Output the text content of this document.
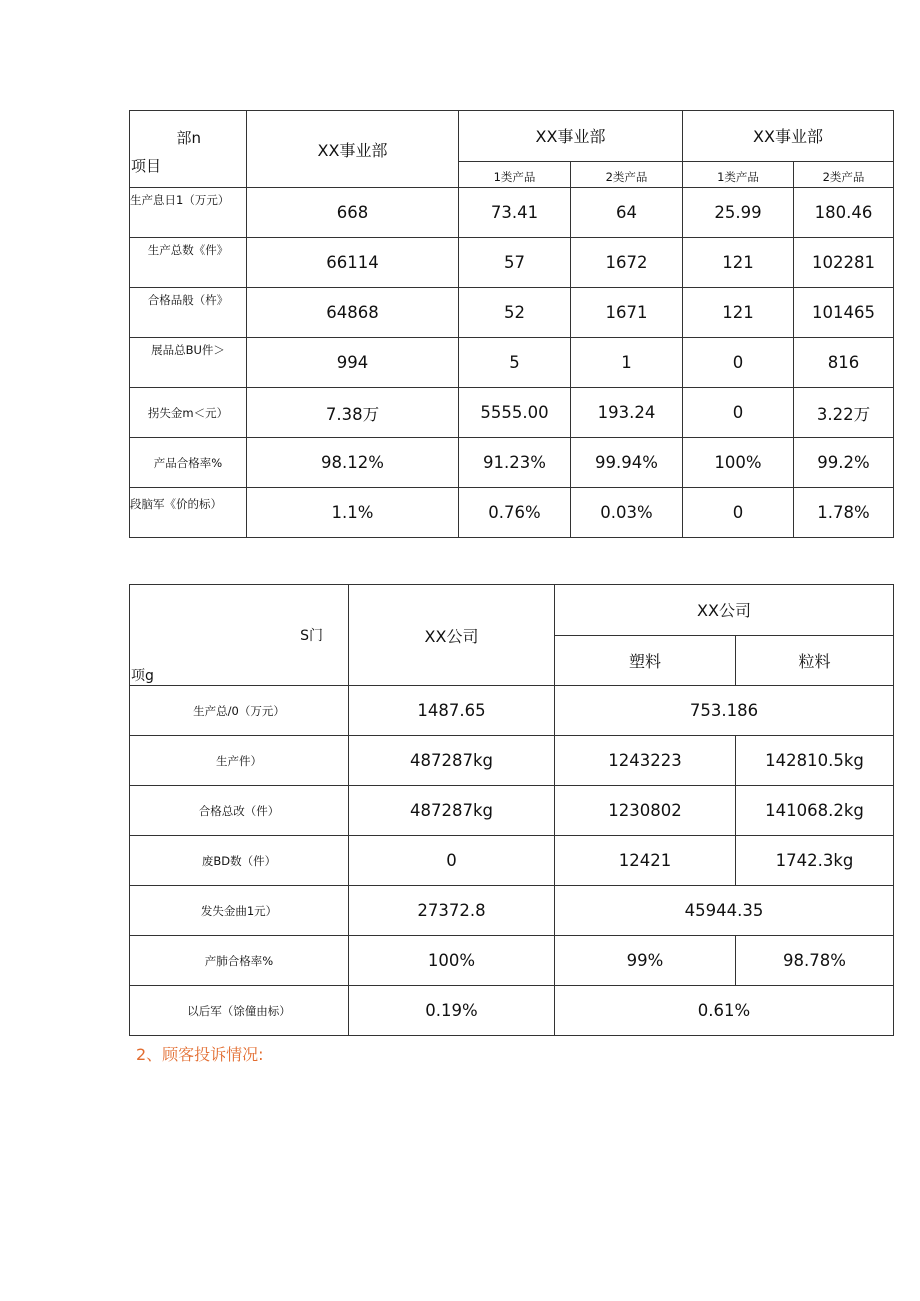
部n
项目	XX事业部	XX事业部		XX事业部	
		1类产品	2类产品	1类产品	2类产品
生产息日1（万元）	668	73.41	64	25.99	180.46
生产总数《件》	66114	57	1672	121	102281
合格品般（杵》	64868	52	1671	121	101465
展品总BU件＞	994	5	1	0	816
拐失金m＜元）	7.38万	5555.00	193.24	0	3.22万
产品合格率%	98.12%	91.23%	99.94%	100%	99.2%
段脑军《价的标）	1.1%	0.76%	0.03%	0	1.78%
S门
项g	XX公司	XX公司	
		塑料	粒料
生产总/0（万元）	1487.65	753.186	
生产件）	487287kg	1243223	142810.5kg
合格总改（件）	487287kg	1230802	141068.2kg
废BD数（件）	0	12421	1742.3kg
发失金曲1元）	27372.8	45944.35	
产肺合格率%	100%	99%	98.78%
以后军（馀僮由标）	0.19%	0.61%	
2、顾客投诉情况:
